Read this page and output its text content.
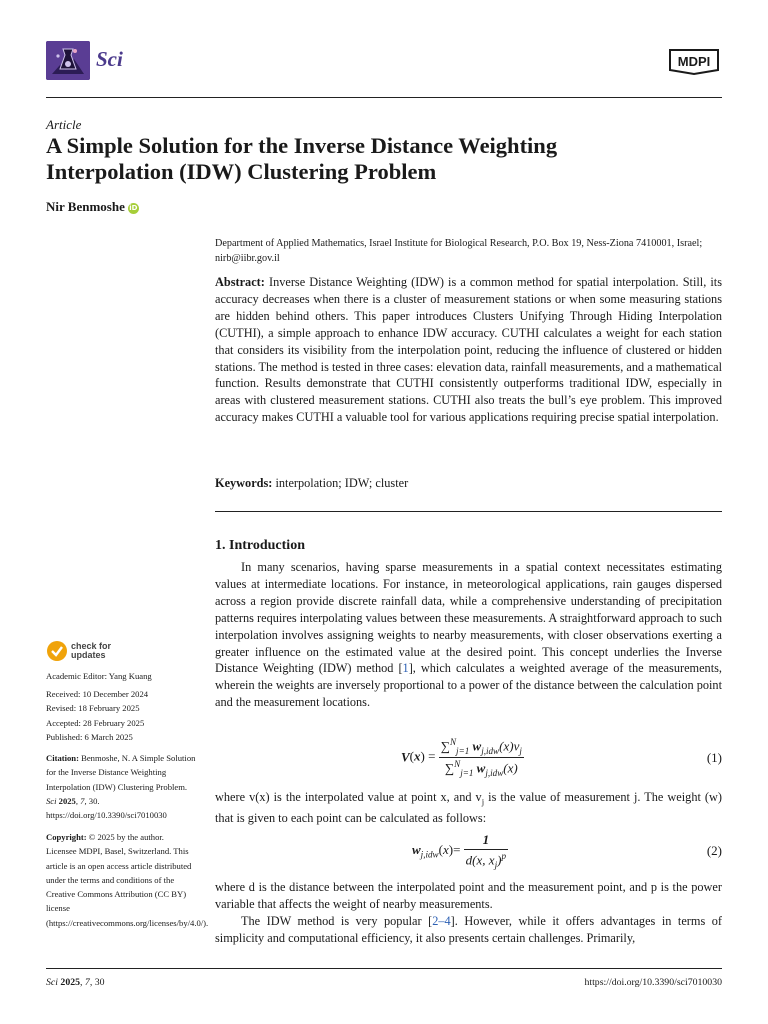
Sci	MDPI
Article
A Simple Solution for the Inverse Distance Weighting Interpolation (IDW) Clustering Problem
Nir Benmoshe iD
Department of Applied Mathematics, Israel Institute for Biological Research, P.O. Box 19, Ness-Ziona 7410001, Israel; nirb@iibr.gov.il

Abstract: Inverse Distance Weighting (IDW) is a common method for spatial interpolation. Still, its accuracy decreases when there is a cluster of measurement stations or when some measuring stations are hidden behind others. This paper introduces Clusters Unifying Through Hiding Interpolation (CUTHI), a simple approach to enhance IDW accuracy. CUTHI calculates a weight for each station that considers its visibility from the interpolation point, reducing the influence of clustered or hidden stations. The method is tested in three cases: elevation data, rainfall measurements, and a mathematical function. Results demonstrate that CUTHI consistently outperforms traditional IDW, especially in areas with clustered measurement stations. CUTHI also treats the bull’s eye problem. This improved accuracy makes CUTHI a valuable tool for various applications requiring precise spatial interpolation.

Keywords: interpolation; IDW; cluster
1. Introduction

In many scenarios, having sparse measurements in a spatial context necessitates estimating values at intermediate locations. For instance, in meteorological applications, rain gauges dispersed across a region provide discrete rainfall data, while a comprehensive understanding of precipitation patterns requires interpolating values between these measurements. A straightforward approach to such interpolation involves assigning weights to nearby measurements, with closer observations exerting a greater influence on the estimated value at the desired point. This concept underlies the Inverse Distance Weighting (IDW) method [1], which calculates a weighted average of the measurements, wherein the weights are inversely proportional to a power of the distance between the calculation point and the measurement locations.

$V(x) = \frac{\sum^N_{j=1} w_{j,idw}(x)v_j}{\sum^N_{j=1} w_{j,idw}(x)}$	(1)

where v(x) is the interpolated value at point x, and $v_j$ is the value of measurement j. The weight (w) that is given to each point can be calculated as follows:

$w_{j,idw}(x)= \frac{1}{d(x, x_j)^p}$	(2)

where d is the distance between the interpolated point and the measurement point, and p is the power variable that affects the weight of nearby measurements.

The IDW method is very popular [2–4]. However, while it offers advantages in terms of simplicity and computational efficiency, it also presents certain challenges. Primarily,

check for
updates
Academic Editor: Yang Kuang
Received: 10 December 2024
Revised: 18 February 2025
Accepted: 28 February 2025
Published: 6 March 2025
Citation: Benmoshe, N. A Simple Solution for the Inverse Distance Weighting Interpolation (IDW) Clustering Problem. Sci 2025, 7, 30. https://doi.org/10.3390/sci7010030
Copyright: © 2025 by the author. Licensee MDPI, Basel, Switzerland. This article is an open access article distributed under the terms and conditions of the Creative Commons Attribution (CC BY) license (https://creativecommons.org/licenses/by/4.0/).
Sci 2025, 7, 30	https://doi.org/10.3390/sci7010030
